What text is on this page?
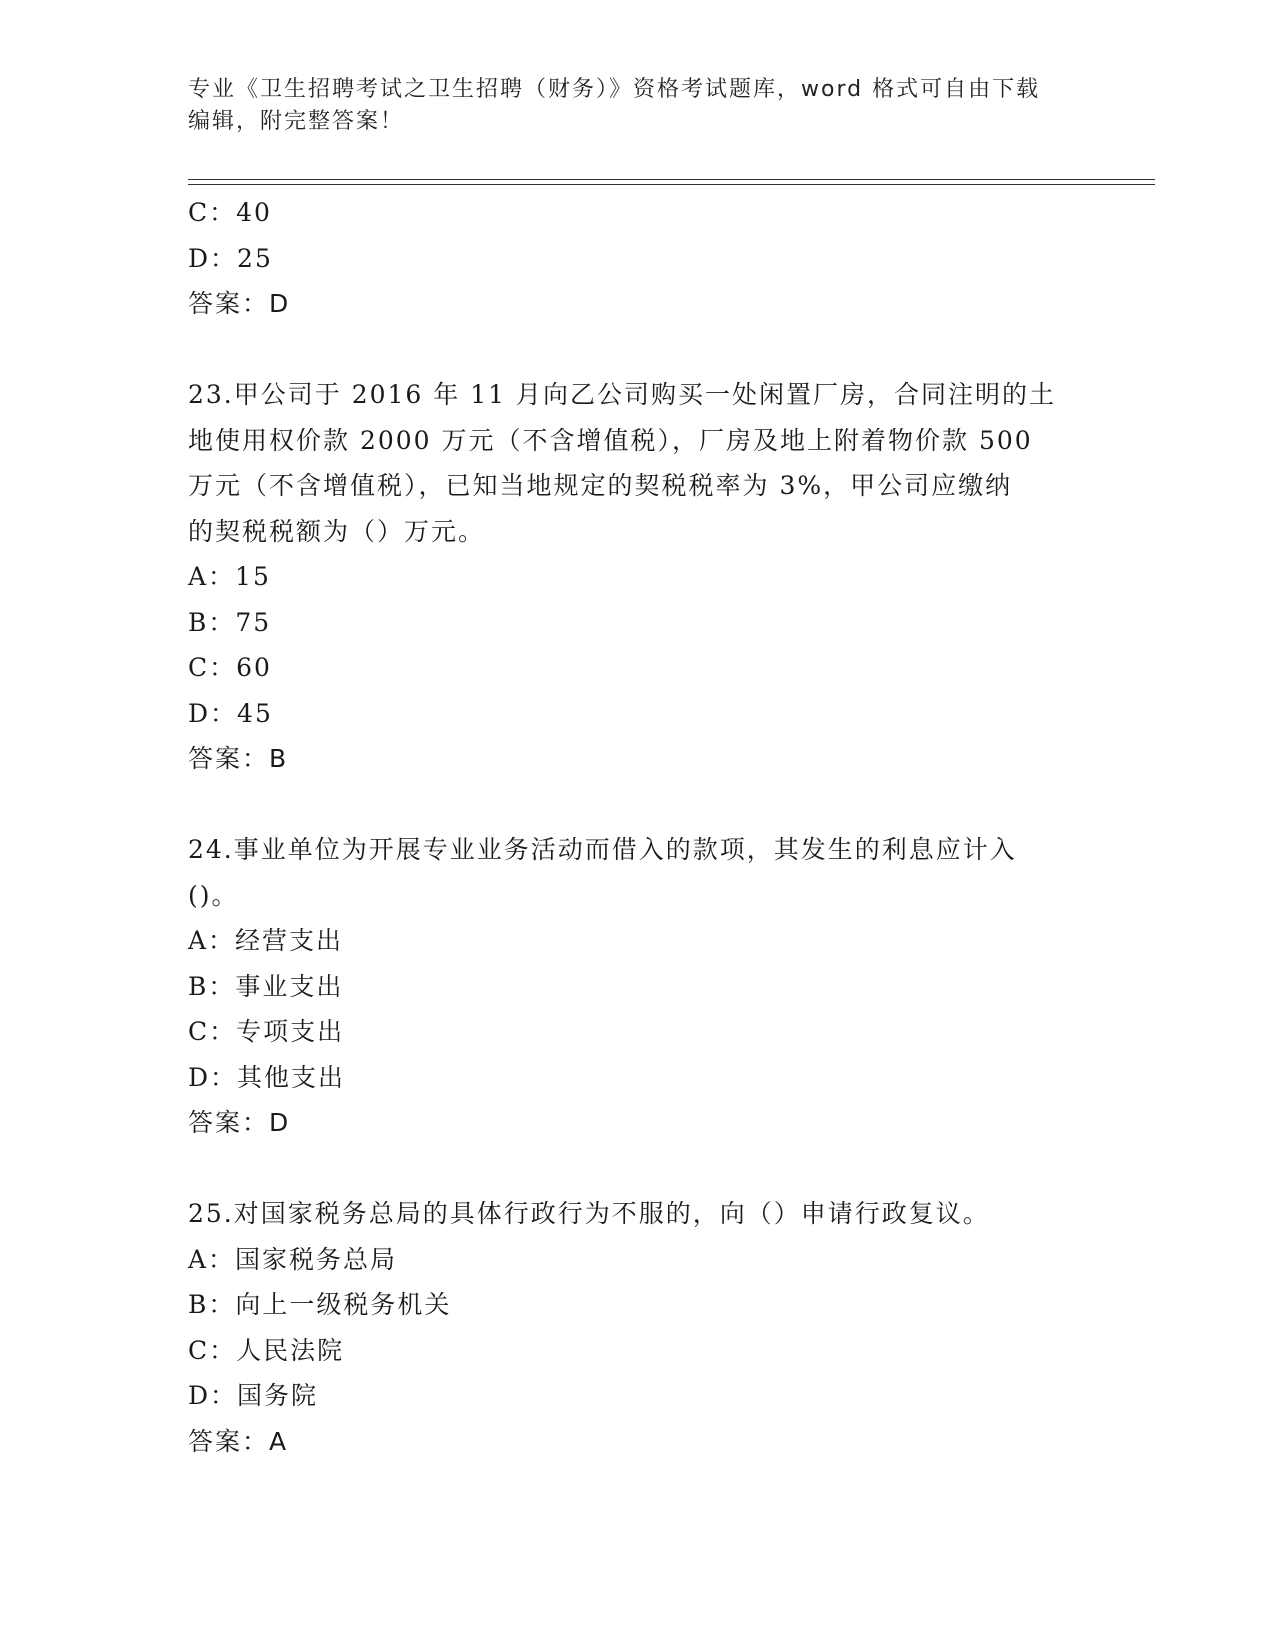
专业《卫生招聘考试之卫生招聘（财务）》资格考试题库，word 格式可自由下载
编辑，附完整答案！
C：40
D：25
答案：D
23.甲公司于 2016 年 11 月向乙公司购买一处闲置厂房，合同注明的土
地使用权价款 2000 万元（不含增值税），厂房及地上附着物价款 500
万元（不含增值税），已知当地规定的契税税率为 3%，甲公司应缴纳
的契税税额为（）万元。
A：15
B：75
C：60
D：45
答案：B
24.事业单位为开展专业业务活动而借入的款项，其发生的利息应计入
()。
A：经营支出
B：事业支出
C：专项支出
D：其他支出
答案：D
25.对国家税务总局的具体行政行为不服的，向（）申请行政复议。
A：国家税务总局
B：向上一级税务机关
C：人民法院
D：国务院
答案：A
